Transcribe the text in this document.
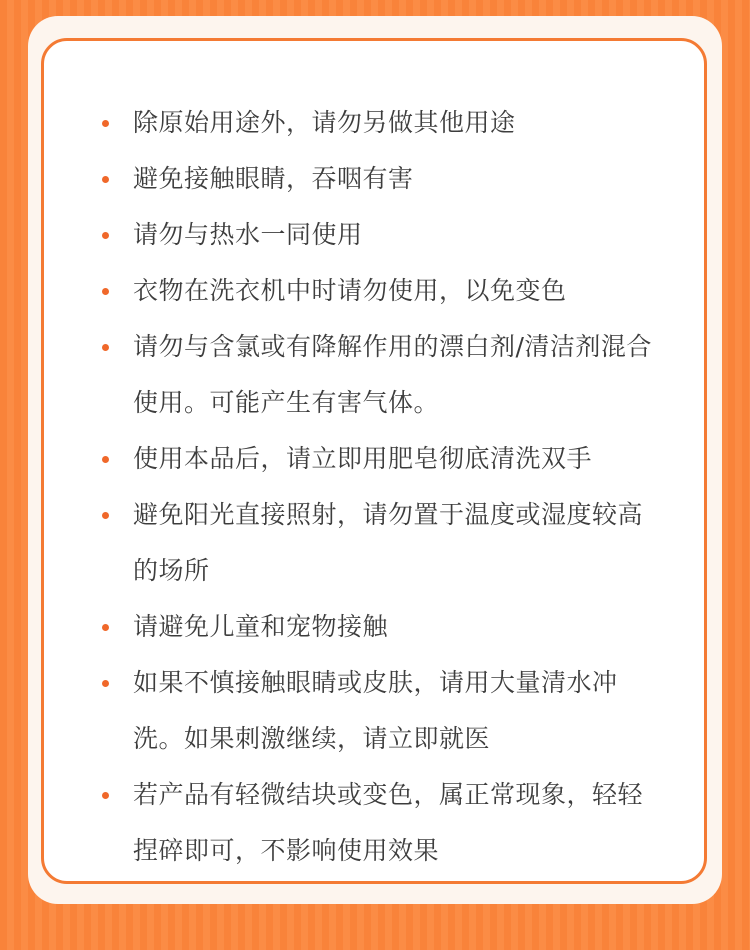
除原始用途外，请勿另做其他用途
避免接触眼睛，吞咽有害
请勿与热水一同使用
衣物在洗衣机中时请勿使用，以免变色
请勿与含氯或有降解作用的漂白剂/清洁剂混合使用。可能产生有害气体。
使用本品后，请立即用肥皂彻底清洗双手
避免阳光直接照射，请勿置于温度或湿度较高的场所
请避免儿童和宠物接触
如果不慎接触眼睛或皮肤，请用大量清水冲洗。如果刺激继续，请立即就医
若产品有轻微结块或变色，属正常现象，轻轻捏碎即可，不影响使用效果
